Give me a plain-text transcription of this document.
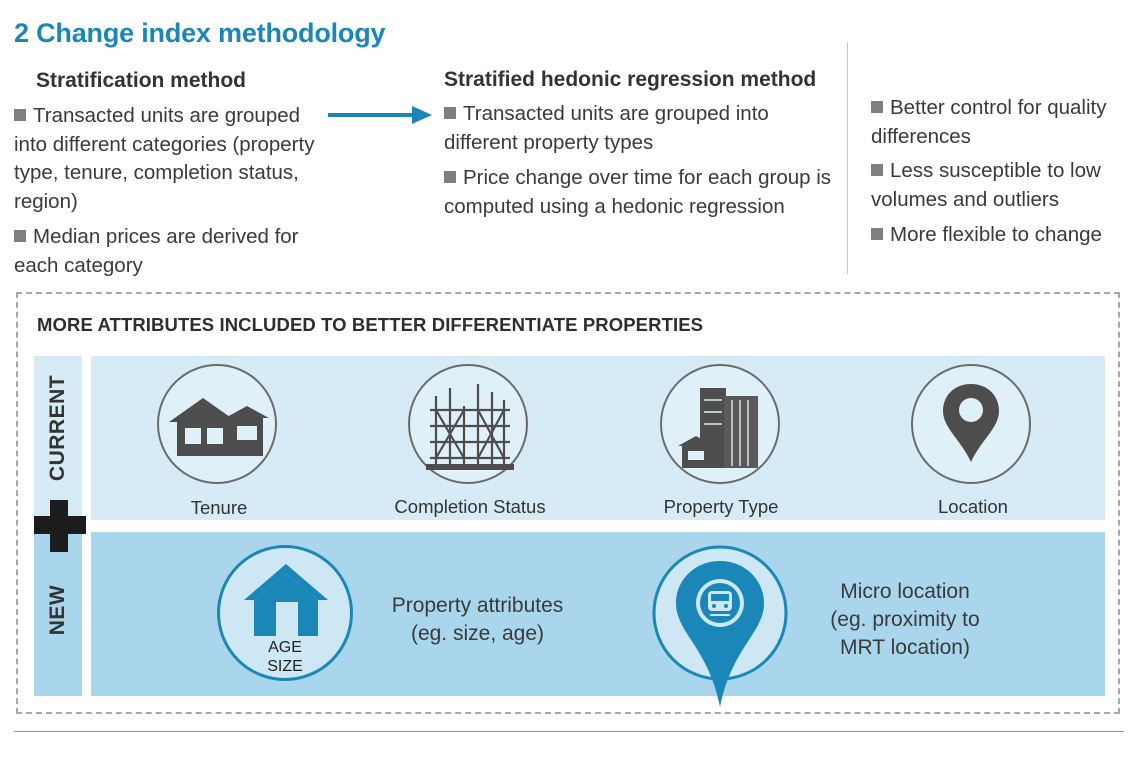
2 Change index methodology
Stratification method
Transacted units are grouped into different categories (property type, tenure, completion status, region)
Median prices are derived for each category
Stratified hedonic regression method
Transacted units are grouped into different property types
Price change over time for each group is computed using a hedonic regression
Better control for quality differences
Less susceptible to low volumes and outliers
More flexible to change
MORE ATTRIBUTES INCLUDED TO BETTER DIFFERENTIATE PROPERTIES
CURRENT
NEW
Tenure	Completion Status	Property Type	Location
AGE
SIZE
Property attributes
(eg. size, age)
Micro location
(eg. proximity to
MRT location)
